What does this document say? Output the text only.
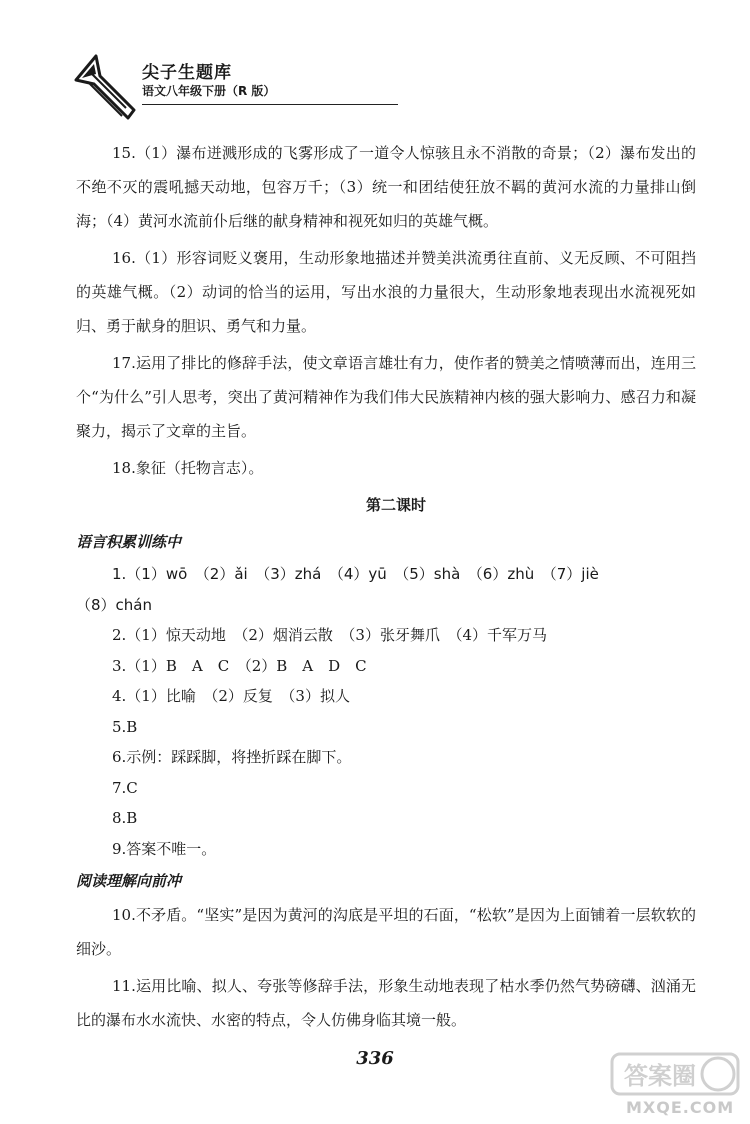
尖子生题库
语文八年级下册（R 版）

15.（1）瀑布迸溅形成的飞雾形成了一道令人惊骇且永不消散的奇景；（2）瀑布发出的不绝不灭的震吼撼天动地，包容万千；（3）统一和团结使狂放不羁的黄河水流的力量排山倒海；（4）黄河水流前仆后继的献身精神和视死如归的英雄气概。

16.（1）形容词贬义褒用，生动形象地描述并赞美洪流勇往直前、义无反顾、不可阻挡的英雄气概。（2）动词的恰当的运用，写出水浪的力量很大，生动形象地表现出水流视死如归、勇于献身的胆识、勇气和力量。

17.运用了排比的修辞手法，使文章语言雄壮有力，使作者的赞美之情喷薄而出，连用三个“为什么”引人思考，突出了黄河精神作为我们伟大民族精神内核的强大影响力、感召力和凝聚力，揭示了文章的主旨。

18.象征（托物言志）。

第二课时

语言积累训练中

1.（1）wō　（2）ǎi　（3）zhá　（4）yū　（5）shà　（6）zhù　（7）jiè

（8）chán

2.（1）惊天动地　（2）烟消云散　（3）张牙舞爪　（4）千军万马

3.（1）B　A　C　（2）B　A　D　C

4.（1）比喻　（2）反复　（3）拟人

5.B

6.示例：踩踩脚，将挫折踩在脚下。

7.C

8.B

9.答案不唯一。

阅读理解向前冲

10.不矛盾。“坚实”是因为黄河的沟底是平坦的石面，“松软”是因为上面铺着一层软软的细沙。

11.运用比喻、拟人、夸张等修辞手法，形象生动地表现了枯水季仍然气势磅礴、汹涌无比的瀑布水水流快、水密的特点，令人仿佛身临其境一般。

336
答案圈
MXQE.COM
